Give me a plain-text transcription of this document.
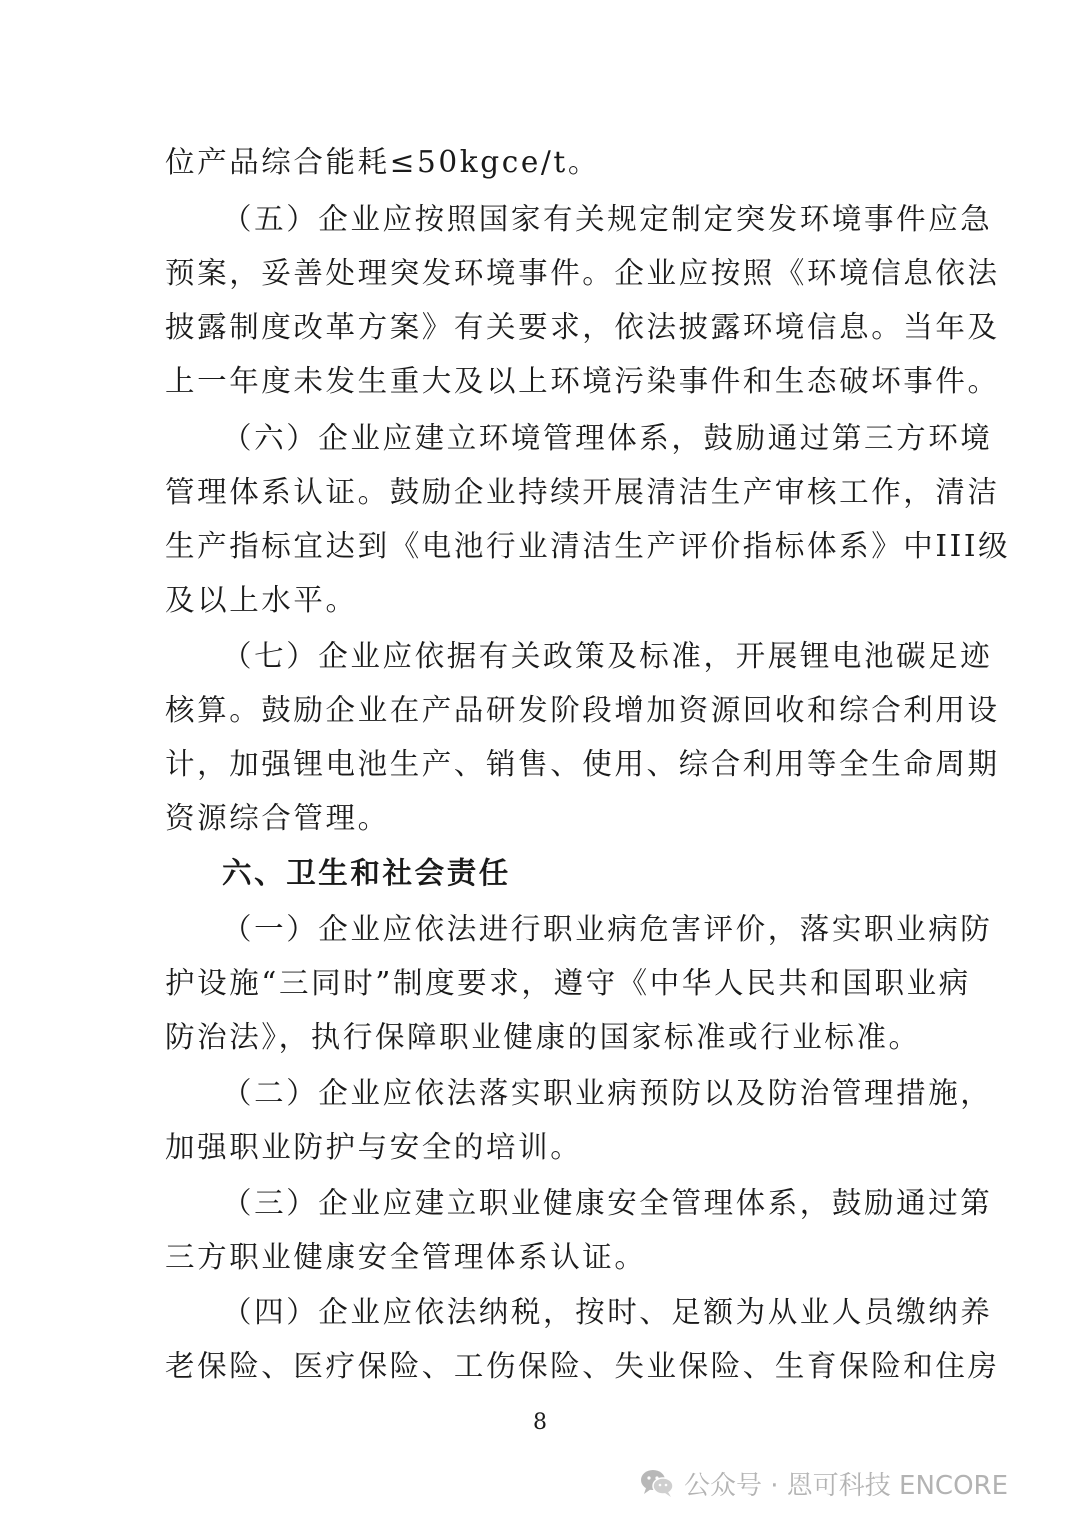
位产品综合能耗≤50kgce/t。
（五）企业应按照国家有关规定制定突发环境事件应急
预案，妥善处理突发环境事件。企业应按照《环境信息依法
披露制度改革方案》有关要求，依法披露环境信息。当年及
上一年度未发生重大及以上环境污染事件和生态破坏事件。
（六）企业应建立环境管理体系，鼓励通过第三方环境
管理体系认证。鼓励企业持续开展清洁生产审核工作，清洁
生产指标宜达到《电池行业清洁生产评价指标体系》中III级
及以上水平。
（七）企业应依据有关政策及标准，开展锂电池碳足迹
核算。鼓励企业在产品研发阶段增加资源回收和综合利用设
计，加强锂电池生产、销售、使用、综合利用等全生命周期
资源综合管理。
六、卫生和社会责任
（一）企业应依法进行职业病危害评价，落实职业病防
护设施“三同时”制度要求，遵守《中华人民共和国职业病
防治法》，执行保障职业健康的国家标准或行业标准。
（二）企业应依法落实职业病预防以及防治管理措施，
加强职业防护与安全的培训。
（三）企业应建立职业健康安全管理体系，鼓励通过第
三方职业健康安全管理体系认证。
（四）企业应依法纳税，按时、足额为从业人员缴纳养
老保险、医疗保险、工伤保险、失业保险、生育保险和住房
8
公众号 · 恩可科技 ENCORE
